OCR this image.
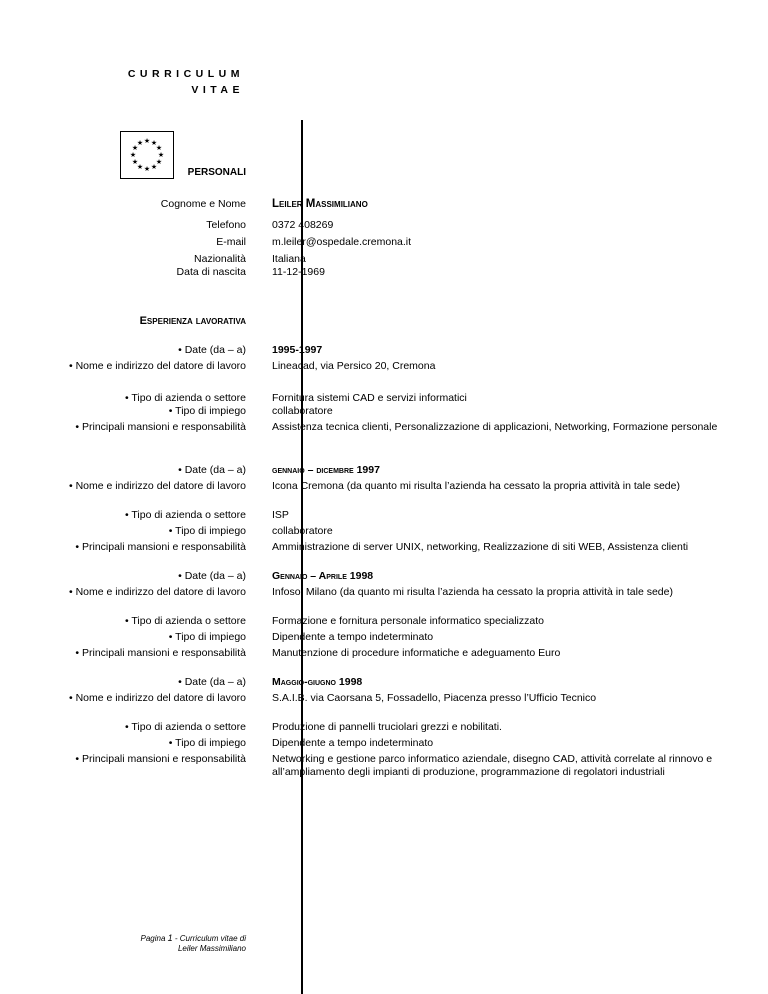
CURRICULUM
VITAE
★ ★
★
★
★
★
★
★
★
★
★
★
PERSONALI
Cognome e Nome Leiler Massimiliano
Telefono 0372 408269
E-mail m.leiler@ospedale.cremona.it
Nazionalità Italiana
Data di nascita 11-12-1969
Esperienza lavorativa
• Date (da – a)
• Nome e indirizzo del datore di lavoro
• Tipo di azienda o settore
• Tipo di impiego
• Principali mansioni e responsabilità
1995-1997
Lineacad, via Persico 20, Cremona
Fornitura sistemi CAD e servizi informatici
collaboratore
Assistenza tecnica clienti, Personalizzazione di applicazioni, Networking, Formazione personale
• Date (da – a)
• Nome e indirizzo del datore di lavoro
• Tipo di azienda o settore
• Tipo di impiego
• Principali mansioni e responsabilità
gennaio – dicembre 1997
Icona Cremona (da quanto mi risulta l’azienda ha cessato la propria attività in tale sede)
ISP
collaboratore
Amministrazione di server UNIX, networking, Realizzazione di siti WEB, Assistenza clienti
• Date (da – a)
• Nome e indirizzo del datore di lavoro
• Tipo di azienda o settore
• Tipo di impiego
• Principali mansioni e responsabilità
Gennaio – Aprile 1998
Infosol Milano (da quanto mi risulta l’azienda ha cessato la propria attività in tale sede)
Formazione e fornitura personale informatico specializzato
Dipendente a tempo indeterminato
Manutenzione di procedure informatiche e adeguamento Euro
• Date (da – a)
• Nome e indirizzo del datore di lavoro
• Tipo di azienda o settore
• Tipo di impiego
• Principali mansioni e responsabilità
Maggio-giugno 1998
S.A.I.B. via Caorsana 5, Fossadello, Piacenza presso l’Ufficio Tecnico
Produzione di pannelli truciolari grezzi e nobilitati.
Dipendente a tempo indeterminato
Networking e gestione parco informatico aziendale, disegno CAD, attività correlate al rinnovo e
all’ampliamento degli impianti di produzione, programmazione di regolatori industriali
Pagina 1 - Curriculum vitae di
Leiler Massimiliano
